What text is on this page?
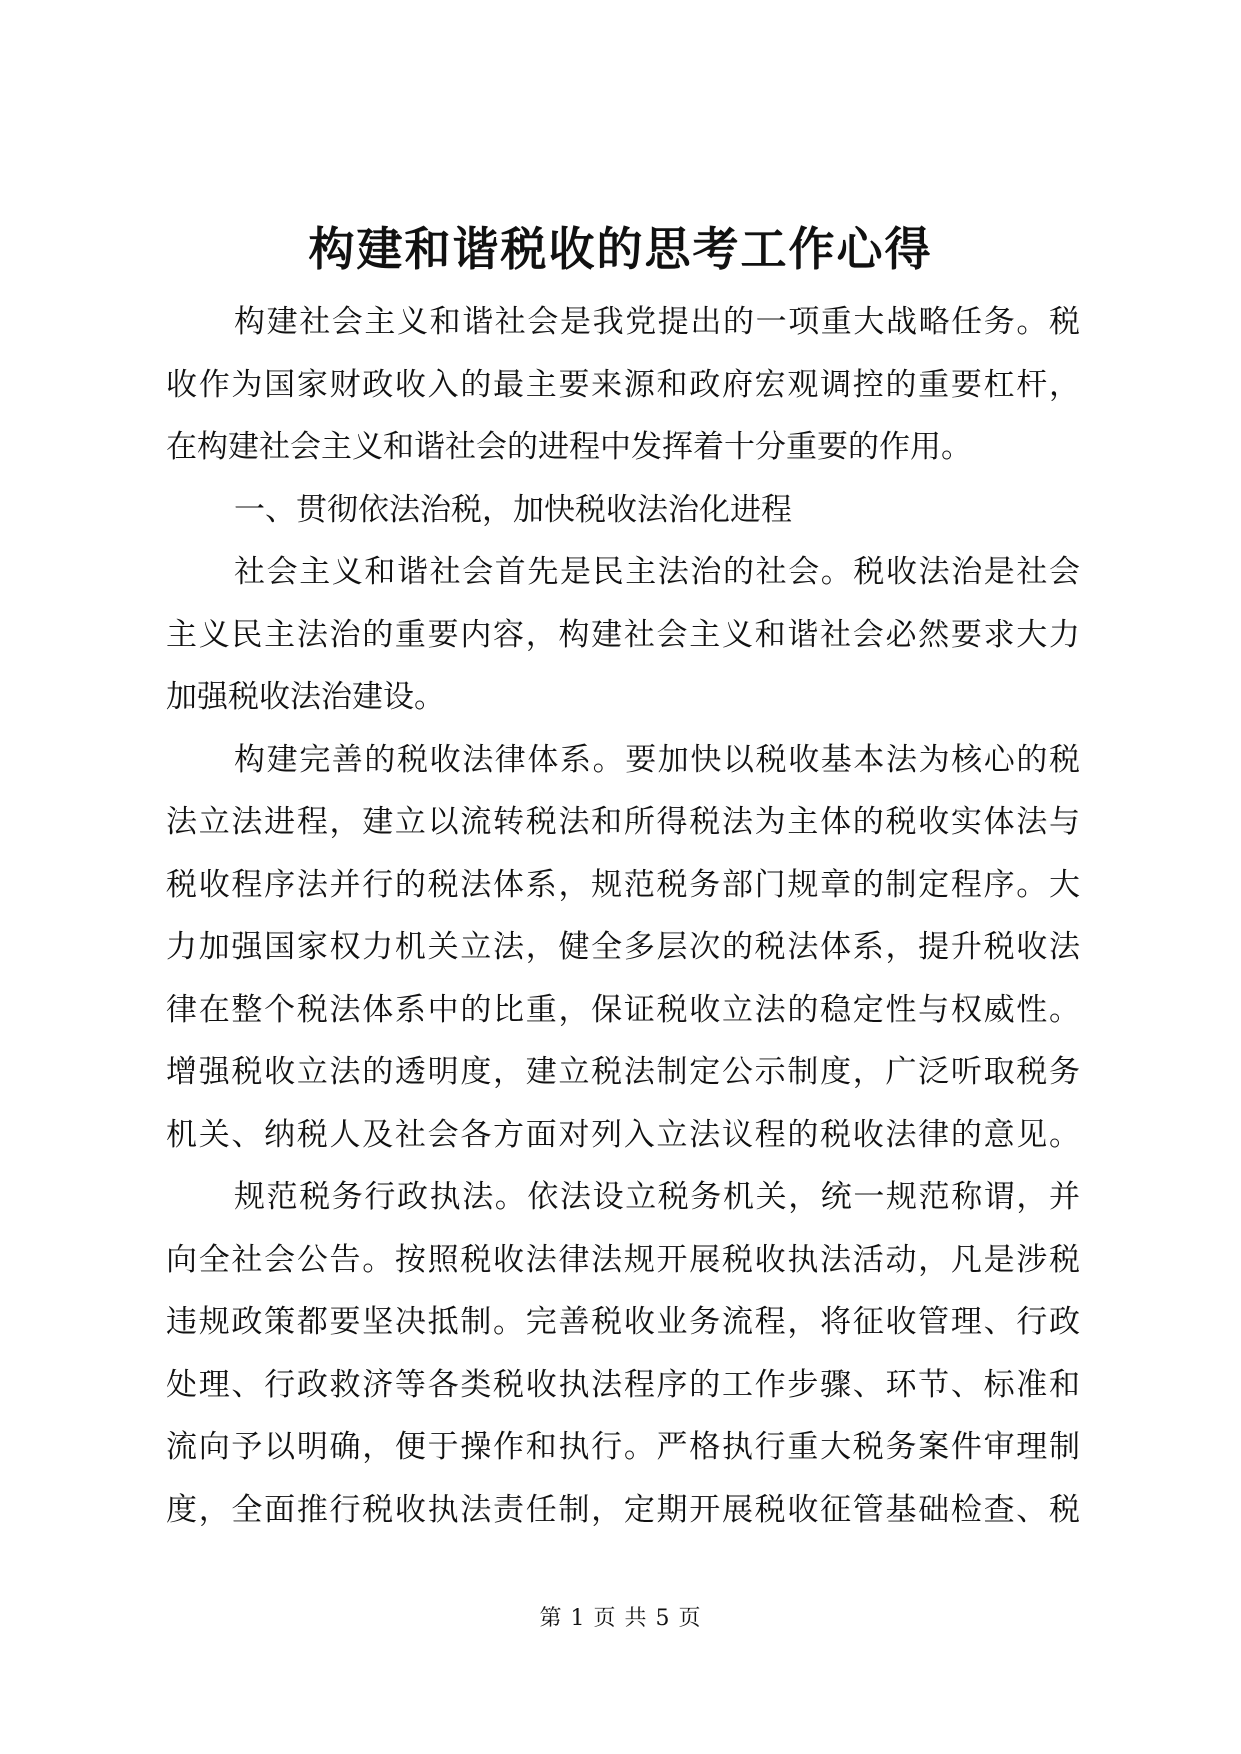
构建和谐税收的思考工作心得
构建社会主义和谐社会是我党提出的一项重大战略任务。税
收作为国家财政收入的最主要来源和政府宏观调控的重要杠杆，
在构建社会主义和谐社会的进程中发挥着十分重要的作用。
一、贯彻依法治税，加快税收法治化进程
社会主义和谐社会首先是民主法治的社会。税收法治是社会
主义民主法治的重要内容，构建社会主义和谐社会必然要求大力
加强税收法治建设。
构建完善的税收法律体系。要加快以税收基本法为核心的税
法立法进程，建立以流转税法和所得税法为主体的税收实体法与
税收程序法并行的税法体系，规范税务部门规章的制定程序。大
力加强国家权力机关立法，健全多层次的税法体系，提升税收法
律在整个税法体系中的比重，保证税收立法的稳定性与权威性。
增强税收立法的透明度，建立税法制定公示制度，广泛听取税务
机关、纳税人及社会各方面对列入立法议程的税收法律的意见。
规范税务行政执法。依法设立税务机关，统一规范称谓，并
向全社会公告。按照税收法律法规开展税收执法活动，凡是涉税
违规政策都要坚决抵制。完善税收业务流程，将征收管理、行政
处理、行政救济等各类税收执法程序的工作步骤、环节、标准和
流向予以明确，便于操作和执行。严格执行重大税务案件审理制
度，全面推行税收执法责任制，定期开展税收征管基础检查、税
第 1 页 共 5 页
